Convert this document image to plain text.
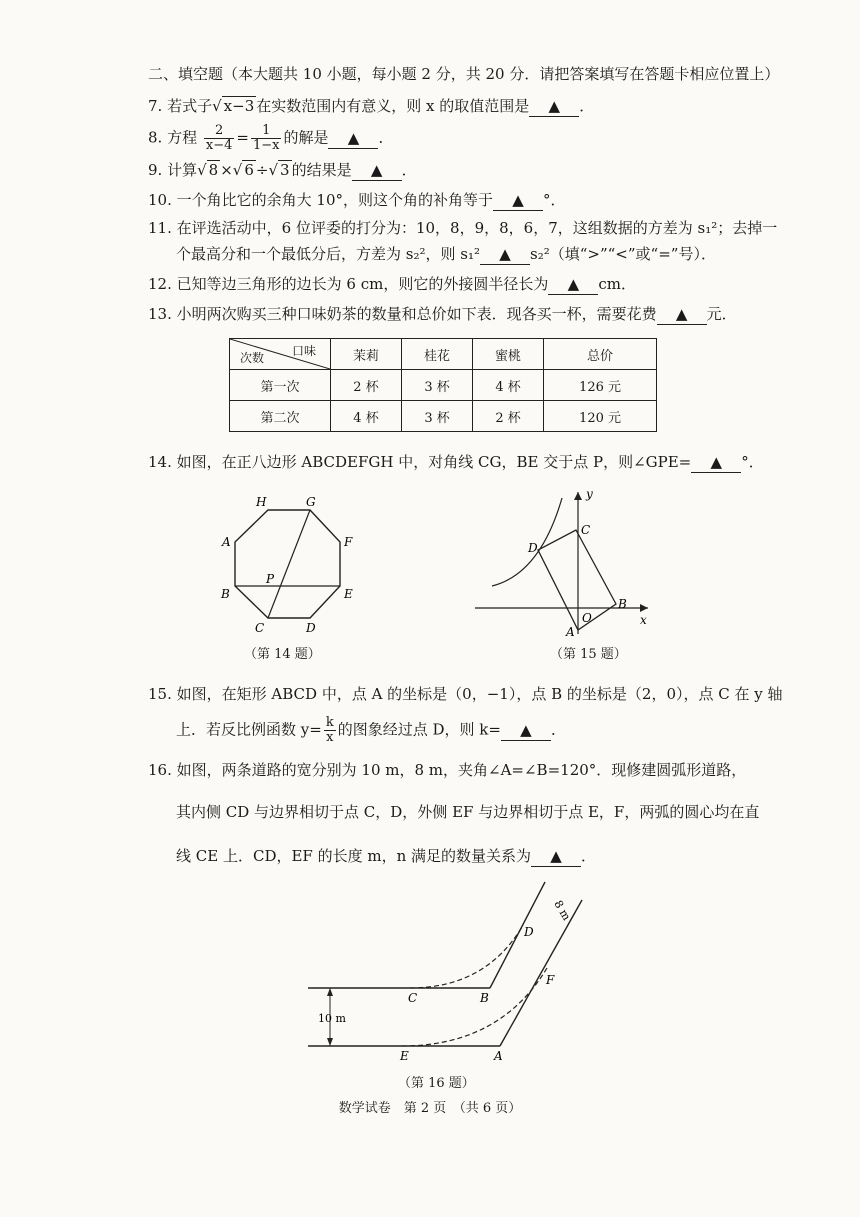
二、填空题（本大题共 10 小题，每小题 2 分，共 20 分．请把答案填写在答题卡相应位置上）
7. 若式子√ x−3 在实数范围内有意义，则 x 的取值范围是 ▲ ．
8. 方程 $\frac{2}{x-4} = \frac{1}{1-x}$ 的解是 ▲ ．
9. 计算√ 8 ×√ 6 ÷√ 3 的结果是 ▲ ．
10. 一个角比它的余角大 10°，则这个角的补角等于 ▲ °．
11. 在评选活动中，6 位评委的打分为：10，8，9，8，6，7，这组数据的方差为 s₁²；去掉一
个最高分和一个最低分后，方差为 s₂²，则 s₁² ▲ s₂²（填“>”“<”或“=”号）．
12. 已知等边三角形的边长为 6 cm，则它的外接圆半径长为 ▲ cm．
13. 小明两次购买三种口味奶茶的数量和总价如下表．现各买一杯，需要花费 ▲ 元．
口味
次数	茉莉	桂花	蜜桃	总价
第一次	2 杯	3 杯	4 杯	126 元
第二次	4 杯	3 杯	2 杯	120 元
14. 如图，在正八边形 ABCDEFGH 中，对角线 CG，BE 交于点 P，则∠GPE= ▲ °．
H	G
A	F
B	E
C	D
P
（第 14 题）
y
x
C
D
O
B
A
（第 15 题）
15. 如图，在矩形 ABCD 中，点 A 的坐标是（0，−1），点 B 的坐标是（2，0），点 C 在 y 轴
上．若反比例函数 $y= \frac{k}{x}$ 的图象经过点 D，则 k= ▲ ．
16. 如图，两条道路的宽分别为 10 m，8 m，夹角∠A=∠B=120°．现修建圆弧形道路，
其内侧 CD 与边界相切于点 C，D，外侧 EF 与边界相切于点 E，F，两弧的圆心均在直
线 CE 上．CD，EF 的长度 m，n 满足的数量关系为 ▲ ．
10 m
8 m
D
F
C	B
E	A
（第 16 题）
数学试卷　第 2 页　（共 6 页）
